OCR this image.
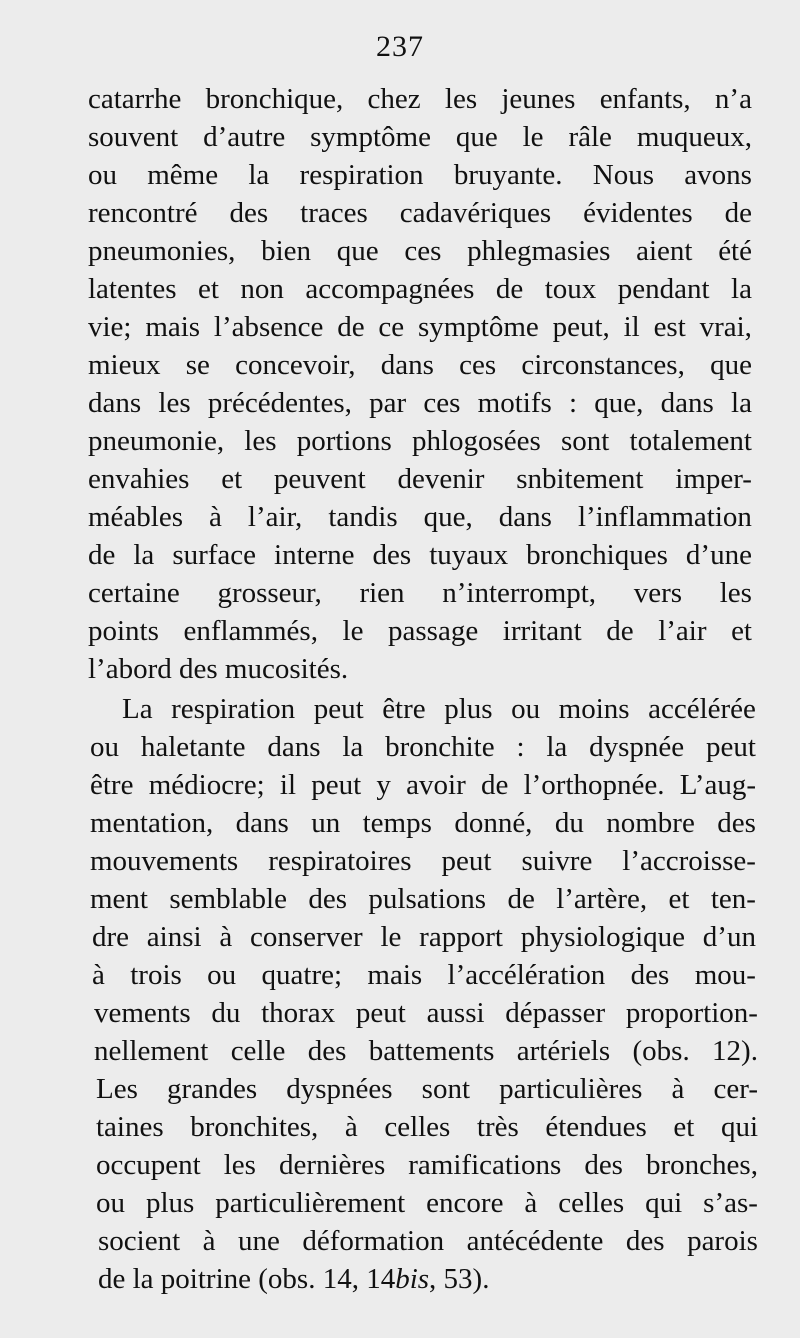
237
catarrhe bronchique, chez les jeunes enfants, n’a
souvent d’autre symptôme que le râle muqueux,
ou même la respiration bruyante. Nous avons
rencontré des traces cadavériques évidentes de
pneumonies, bien que ces phlegmasies aient été
latentes et non accompagnées de toux pendant la
vie; mais l’absence de ce symptôme peut, il est vrai,
mieux se concevoir, dans ces circonstances, que
dans les précédentes, par ces motifs : que, dans la
pneumonie, les portions phlogosées sont totalement
envahies et peuvent devenir snbitement imper-
méables à l’air, tandis que, dans l’inflammation
de la surface interne des tuyaux bronchiques d’une
certaine grosseur, rien n’interrompt, vers les
points enflammés, le passage irritant de l’air et
l’abord des mucosités.
La respiration peut être plus ou moins accélérée
ou haletante dans la bronchite : la dyspnée peut
être médiocre; il peut y avoir de l’orthopnée. L’aug-
mentation, dans un temps donné, du nombre des
mouvements respiratoires peut suivre l’accroisse-
ment semblable des pulsations de l’artère, et ten-
dre ainsi à conserver le rapport physiologique d’un
à trois ou quatre; mais l’accélération des mou-
vements du thorax peut aussi dépasser proportion-
nellement celle des battements artériels (obs. 12).
Les grandes dyspnées sont particulières à cer-
taines bronchites, à celles très étendues et qui
occupent les dernières ramifications des bronches,
ou plus particulièrement encore à celles qui s’as-
socient à une déformation antécédente des parois
de la poitrine (obs. 14, 14 bis , 53).
